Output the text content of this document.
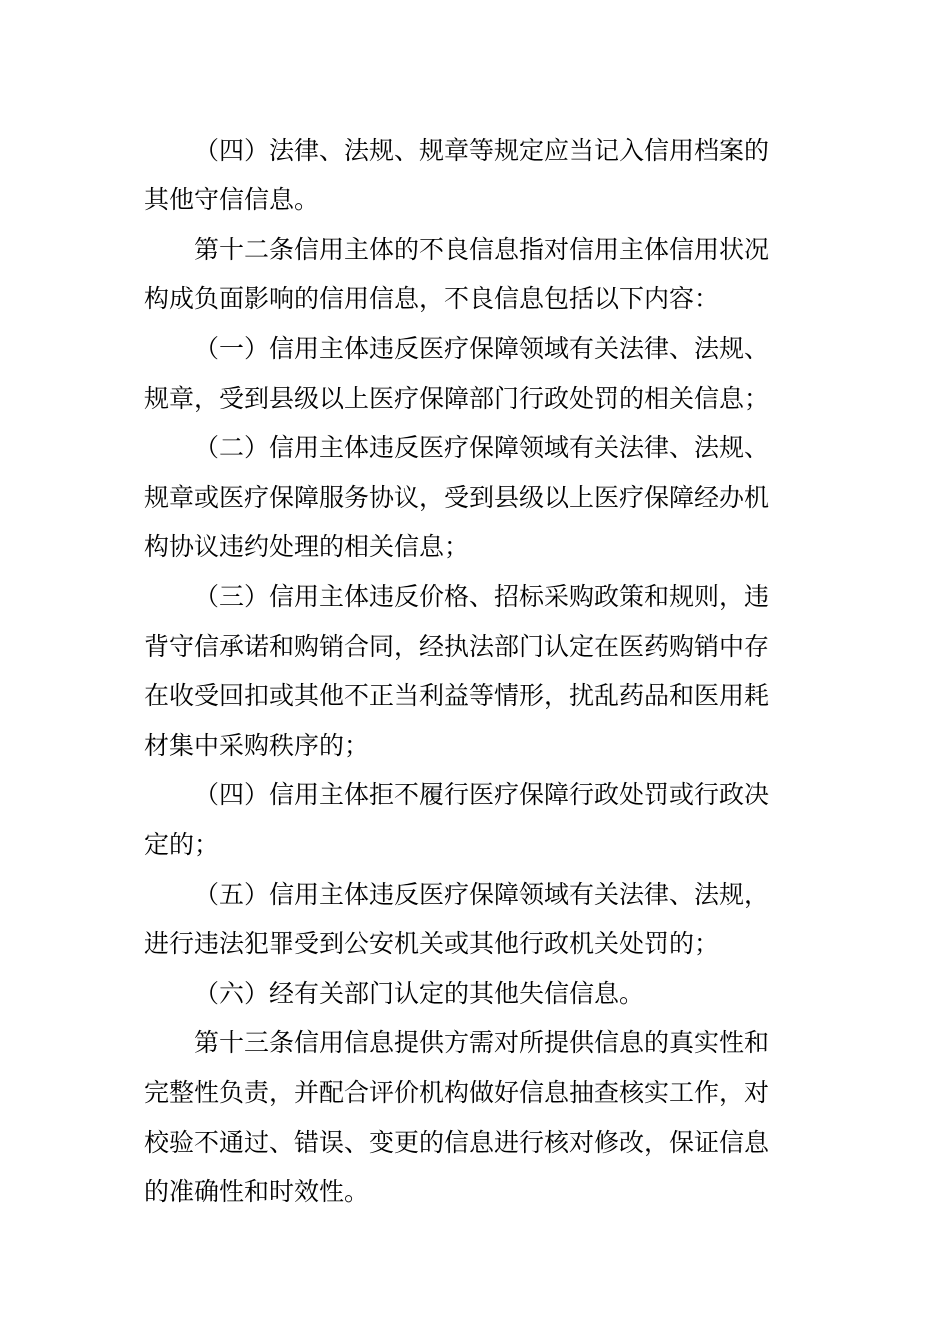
（四）法律、法规、规章等规定应当记入信用档案的
其他守信信息。
第十二条信用主体的不良信息指对信用主体信用状况
构成负面影响的信用信息，不良信息包括以下内容：
（一）信用主体违反医疗保障领域有关法律、法规、
规章，受到县级以上医疗保障部门行政处罚的相关信息；
（二）信用主体违反医疗保障领域有关法律、法规、
规章或医疗保障服务协议，受到县级以上医疗保障经办机
构协议违约处理的相关信息；
（三）信用主体违反价格、招标采购政策和规则，违
背守信承诺和购销合同，经执法部门认定在医药购销中存
在收受回扣或其他不正当利益等情形，扰乱药品和医用耗
材集中采购秩序的；
（四）信用主体拒不履行医疗保障行政处罚或行政决
定的；
（五）信用主体违反医疗保障领域有关法律、法规，
进行违法犯罪受到公安机关或其他行政机关处罚的；
（六）经有关部门认定的其他失信信息。
第十三条信用信息提供方需对所提供信息的真实性和
完整性负责，并配合评价机构做好信息抽查核实工作，对
校验不通过、错误、变更的信息进行核对修改，保证信息
的准确性和时效性。
